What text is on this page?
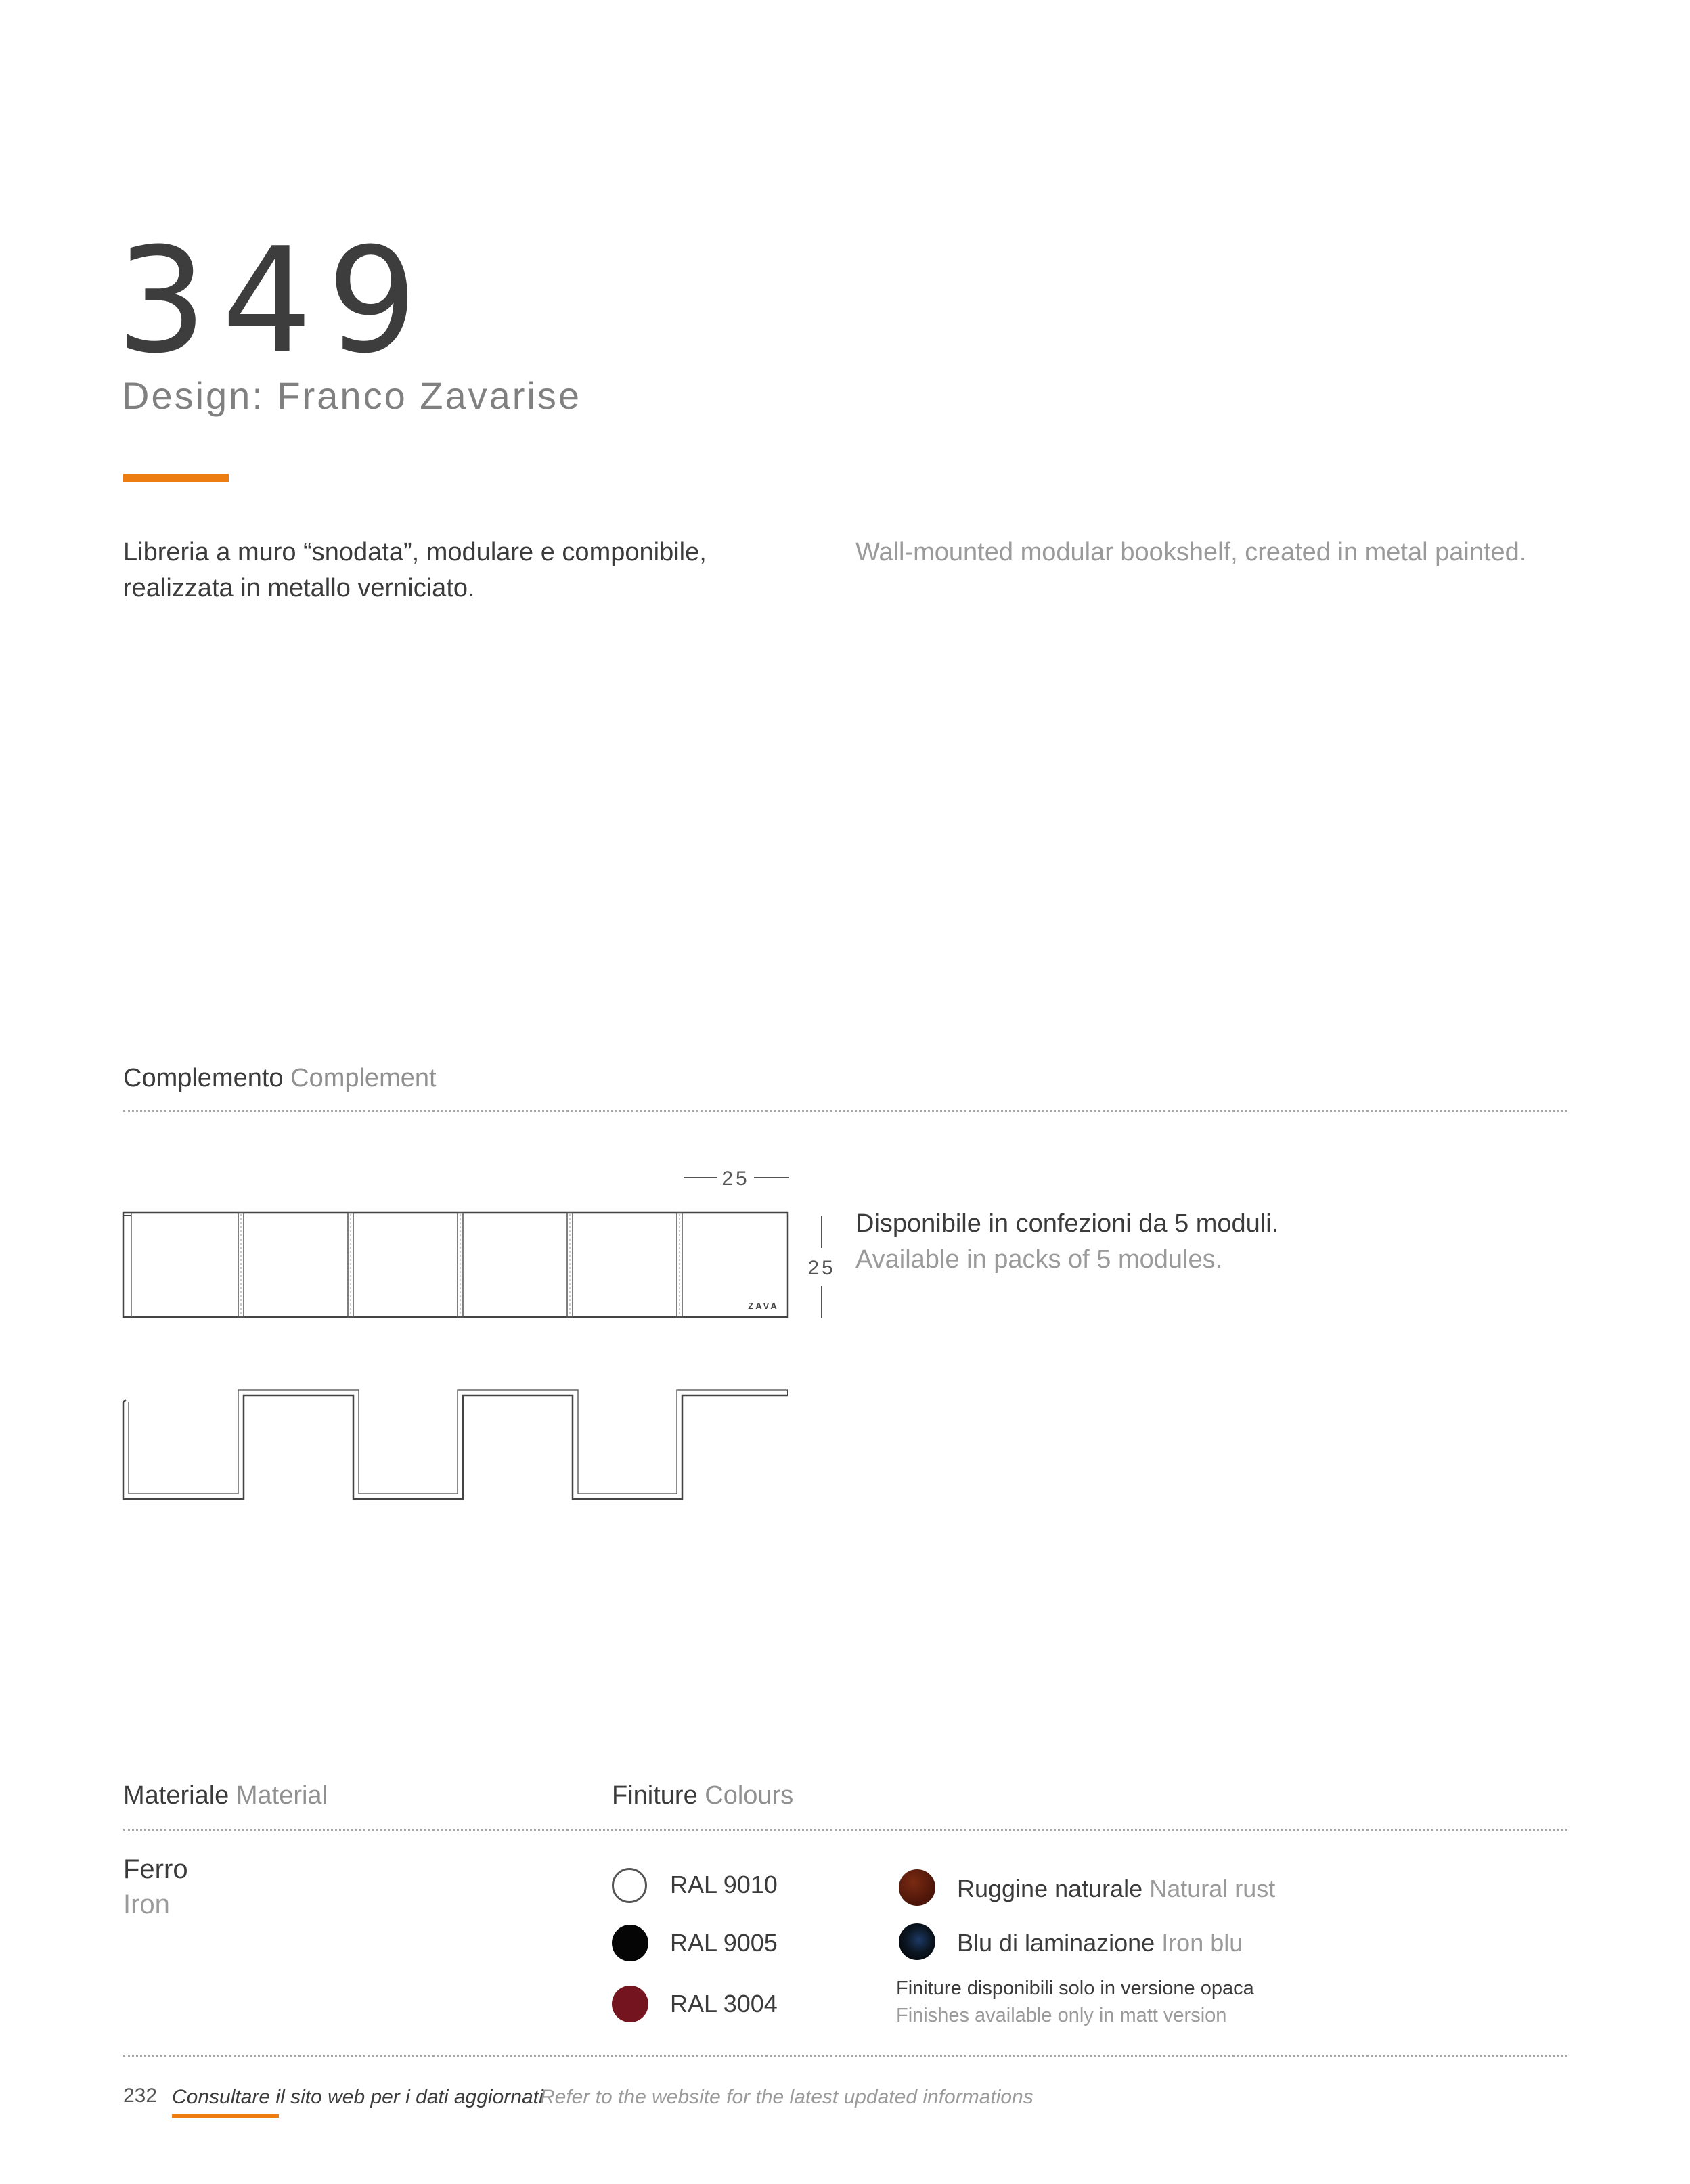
349
Design: Franco Zavarise
Libreria a muro “snodata”, modulare e componibile,
realizzata in metallo verniciato.
Wall-mounted modular bookshelf, created in metal painted.
Complemento Complement
25
ZAVA
25
Disponibile in confezioni da 5 moduli.
Available in packs of 5 modules.
Materiale Material	Finiture Colours
Ferro
Iron
RAL 9010
RAL 9005
RAL 3004
Ruggine naturale Natural rust
Blu di laminazione Iron blu
Finiture disponibili solo in versione opaca
Finishes available only in matt version
232 Consultare il sito web per i dati aggiornati
Refer to the website for the latest updated informations
